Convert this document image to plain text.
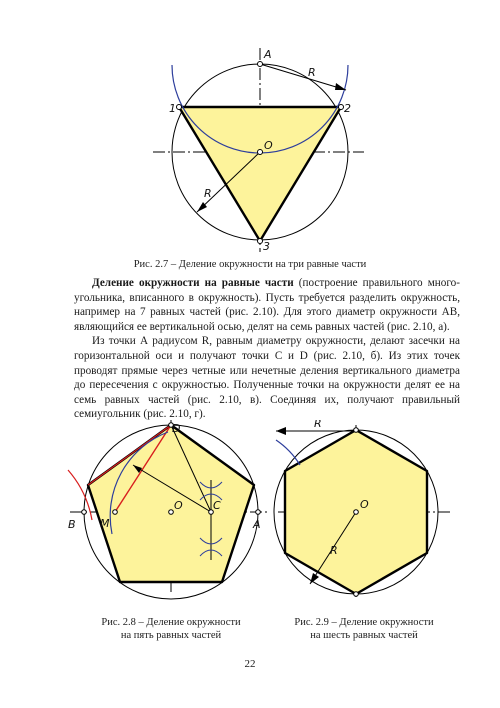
A
R
1	2
O
R
3
Рис. 2.7 – Деление окружности на три равные части

Деление окружности на равные части (построение правильного много-угольника, вписанного в окружность). Пусть требуется разделить окружность, например на 7 равных частей (рис. 2.10). Для этого диаметр окружности АВ, являющийся ее вертикальной осью, делят на семь равных частей (рис. 2.10, а).

Из точки А радиусом R, равным диаметру окружности, делают засечки на горизонтальной оси и получают точки С и D (рис. 2.10, б). Из этих точек проводят прямые через четные или нечетные деления вертикального диаметра до пересечения с окружностью. Полученные точки на окружности делят ее на семь равных частей (рис. 2.10, в). Соединяя их, получают правильный семиугольник (рис. 2.10, г).

D
B M
O	C
A
Рис. 2.8 – Деление окружности
на пять равных частей
R
O
R
Рис. 2.9 – Деление окружности
на шесть равных частей
22
